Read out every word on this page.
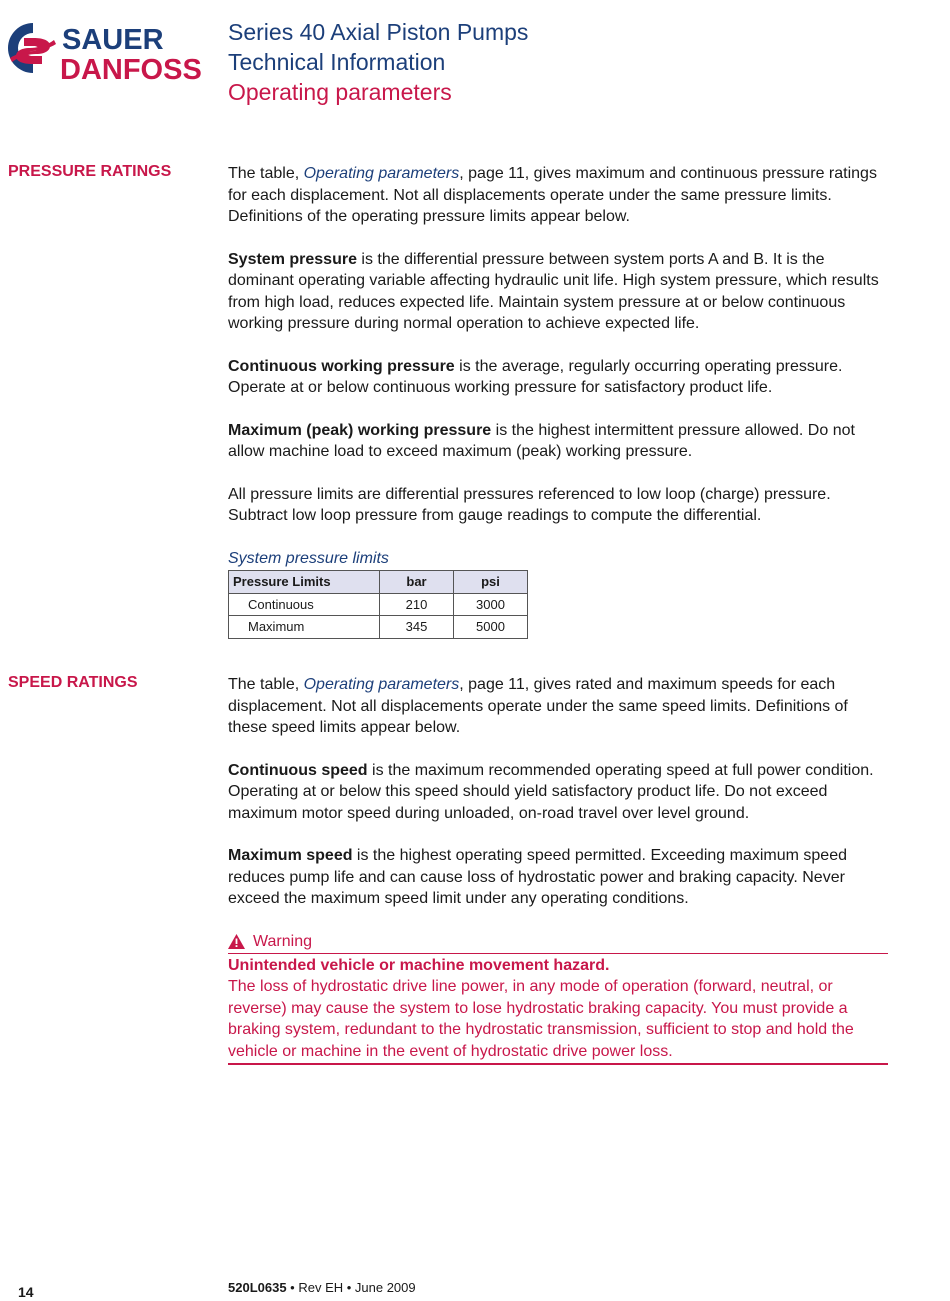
SAUER
DANFOSS
Series 40 Axial Piston Pumps
Technical Information
Operating parameters
PRESSURE RATINGS	The table, Operating parameters, page 11, gives maximum and continuous pressure ratings for each displacement. Not all displacements operate under the same pressure limits. Definitions of the operating pressure limits appear below.

System pressure is the differential pressure between system ports A and B. It is the dominant operating variable affecting hydraulic unit life. High system pressure, which results from high load, reduces expected life. Maintain system pressure at or below continuous working pressure during normal operation to achieve expected life.

Continuous working pressure is the average, regularly occurring operating pressure. Operate at or below continuous working pressure for satisfactory product life.

Maximum (peak) working pressure is the highest intermittent pressure allowed. Do not allow machine load to exceed maximum (peak) working pressure.

All pressure limits are differential pressures referenced to low loop (charge) pressure. Subtract low loop pressure from gauge readings to compute the differential.

System pressure limits
Pressure Limits	bar	psi
Continuous	210	3000
Maximum	345	5000
SPEED RATINGS	The table, Operating parameters, page 11, gives rated and maximum speeds for each displacement. Not all displacements operate under the same speed limits. Definitions of these speed limits appear below.

Continuous speed is the maximum recommended operating speed at full power condition. Operating at or below this speed should yield satisfactory product life. Do not exceed maximum motor speed during unloaded, on-road travel over level ground.

Maximum speed is the highest operating speed permitted. Exceeding maximum speed reduces pump life and can cause loss of hydrostatic power and braking capacity. Never exceed the maximum speed limit under any operating conditions.

Warning
Unintended vehicle or machine movement hazard.
The loss of hydrostatic drive line power, in any mode of operation (forward, neutral, or reverse) may cause the system to lose hydrostatic braking capacity. You must provide a braking system, redundant to the hydrostatic transmission, sufficient to stop and hold the vehicle or machine in the event of hydrostatic drive power loss.
14	520L0635 • Rev EH • June 2009
